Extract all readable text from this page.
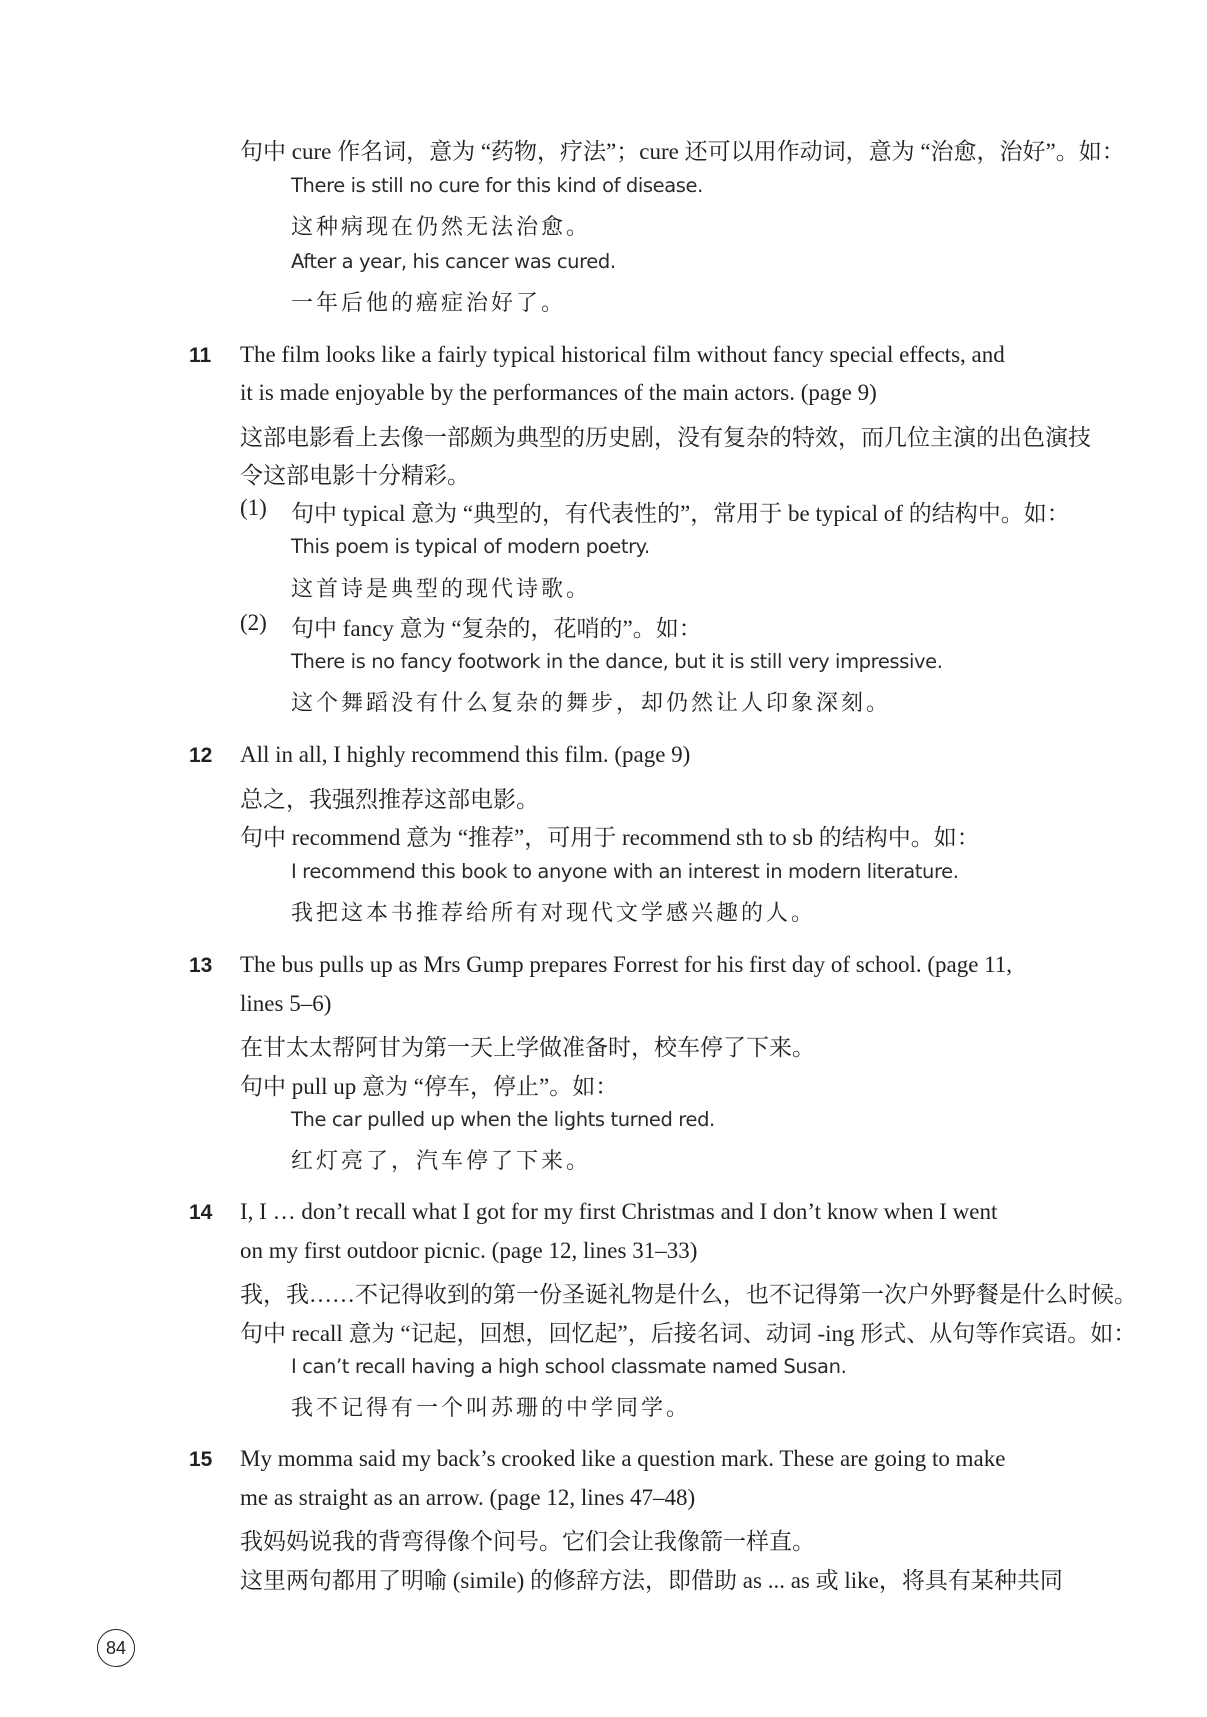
句中 cure 作名词，意为 “药物，疗法”；cure 还可以用作动词，意为 “治愈，治好”。如：
There is still no cure for this kind of disease.
这种病现在仍然无法治愈。
After a year, his cancer was cured.
一年后他的癌症治好了。
11 The film looks like a fairly typical historical film without fancy special effects, and
it is made enjoyable by the performances of the main actors. (page 9)
这部电影看上去像一部颇为典型的历史剧，没有复杂的特效，而几位主演的出色演技
令这部电影十分精彩。
(1) 句中 typical 意为 “典型的，有代表性的”，常用于 be typical of 的结构中。如：
This poem is typical of modern poetry.
这首诗是典型的现代诗歌。
(2) 句中 fancy 意为 “复杂的，花哨的”。如：
There is no fancy footwork in the dance, but it is still very impressive.
这个舞蹈没有什么复杂的舞步，却仍然让人印象深刻。
12 All in all, I highly recommend this film. (page 9)
总之，我强烈推荐这部电影。
句中 recommend 意为 “推荐”，可用于 recommend sth to sb 的结构中。如：
I recommend this book to anyone with an interest in modern literature.
我把这本书推荐给所有对现代文学感兴趣的人。
13 The bus pulls up as Mrs Gump prepares Forrest for his first day of school. (page 11,
lines 5–6)
在甘太太帮阿甘为第一天上学做准备时，校车停了下来。
句中 pull up 意为 “停车，停止”。如：
The car pulled up when the lights turned red.
红灯亮了，汽车停了下来。
14 I, I … don’t recall what I got for my first Christmas and I don’t know when I went
on my first outdoor picnic. (page 12, lines 31–33)
我，我……不记得收到的第一份圣诞礼物是什么，也不记得第一次户外野餐是什么时候。
句中 recall 意为 “记起，回想，回忆起”，后接名词、动词 -ing 形式、从句等作宾语。如：
I can’t recall having a high school classmate named Susan.
我不记得有一个叫苏珊的中学同学。
15 My momma said my back’s crooked like a question mark. These are going to make
me as straight as an arrow. (page 12, lines 47–48)
我妈妈说我的背弯得像个问号。它们会让我像箭一样直。
这里两句都用了明喻 (simile) 的修辞方法，即借助 as ... as 或 like，将具有某种共同
84
